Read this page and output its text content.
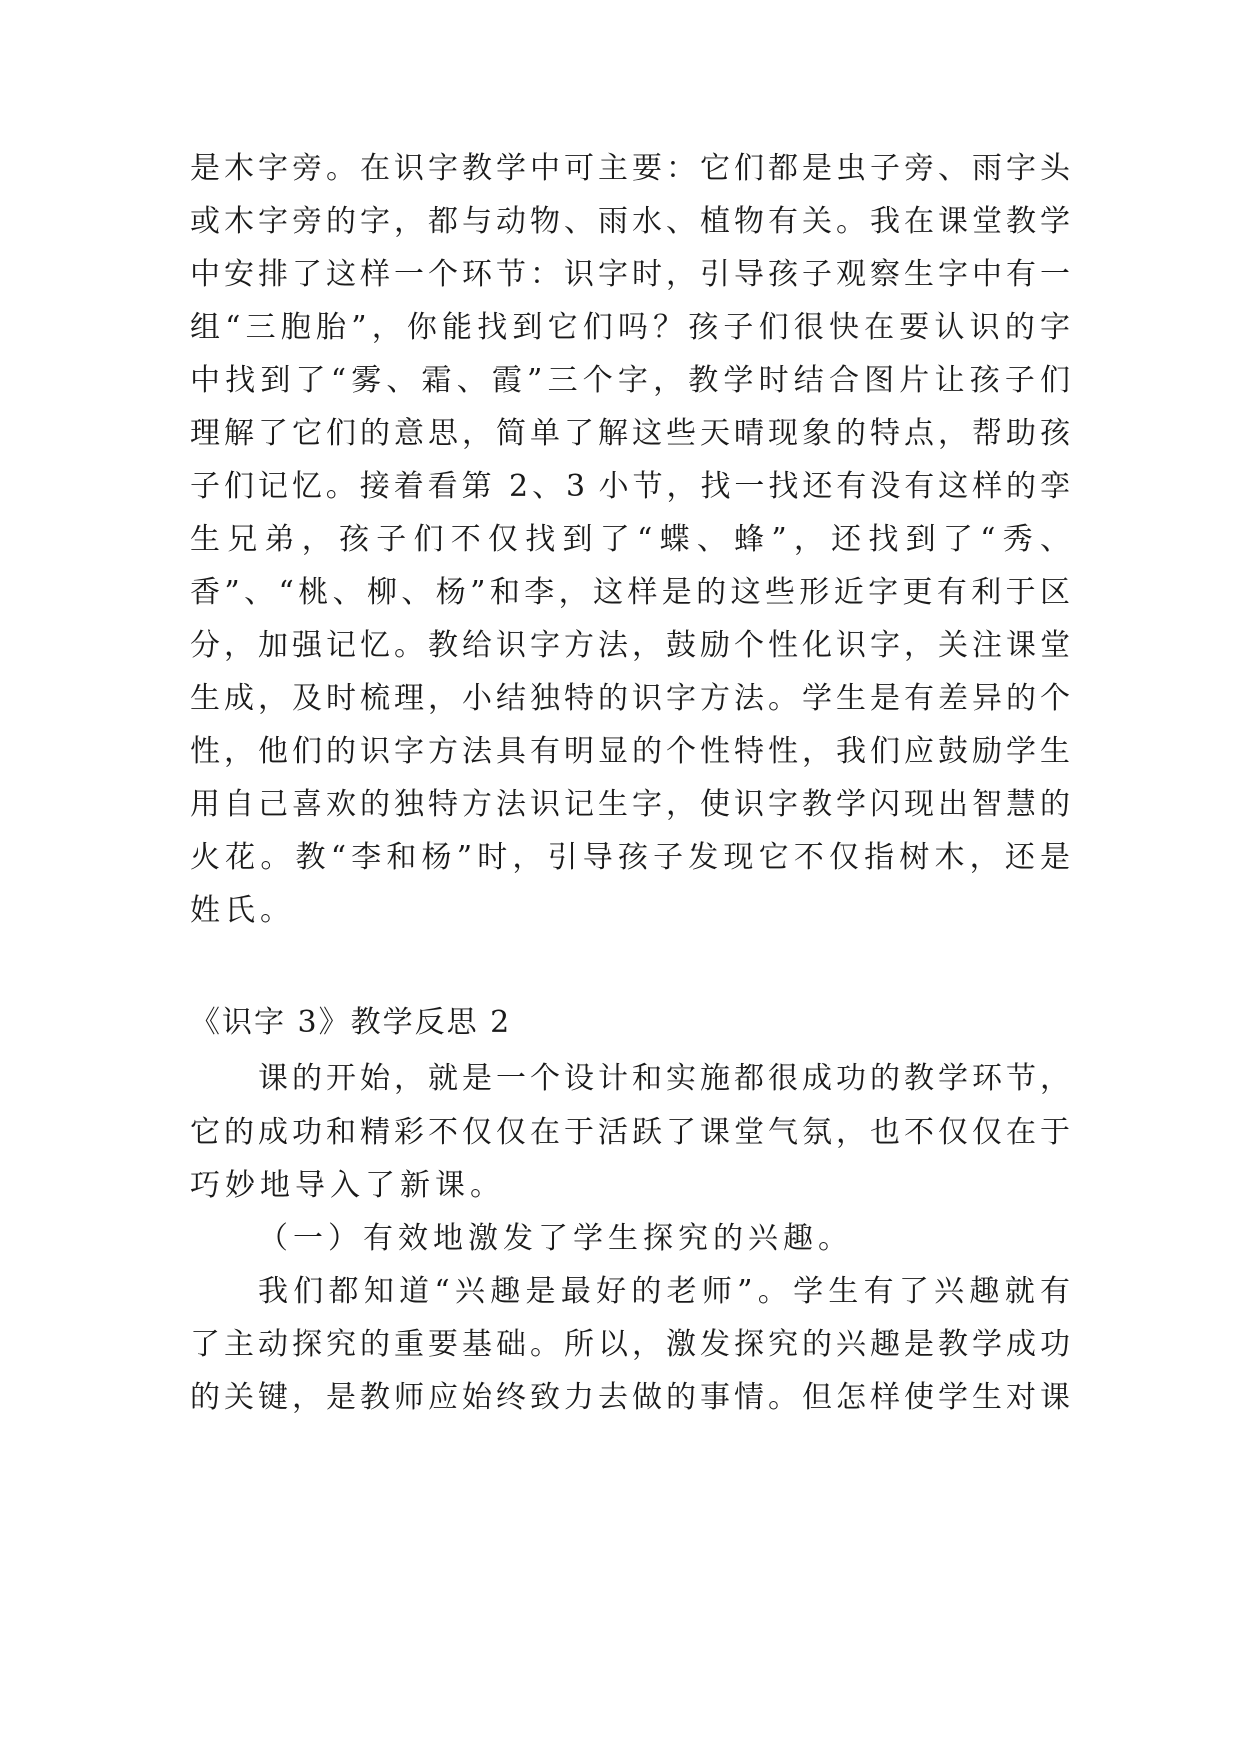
是木字旁。在识字教学中可主要：它们都是虫子旁、雨字头
或木字旁的字，都与动物、雨水、植物有关。我在课堂教学
中安排了这样一个环节：识字时，引导孩子观察生字中有一
组“三胞胎”，你能找到它们吗？孩子们很快在要认识的字
中找到了“雾、霜、霞”三个字，教学时结合图片让孩子们
理解了它们的意思，简单了解这些天晴现象的特点，帮助孩
子们记忆。接着看第 2、3 小节，找一找还有没有这样的孪
生兄弟，孩子们不仅找到了“蝶、蜂”，还找到了“秀、
香”、“桃、柳、杨”和李，这样是的这些形近字更有利于区
分，加强记忆。教给识字方法，鼓励个性化识字，关注课堂
生成，及时梳理，小结独特的识字方法。学生是有差异的个
性，他们的识字方法具有明显的个性特性，我们应鼓励学生
用自己喜欢的独特方法识记生字，使识字教学闪现出智慧的
火花。教“李和杨”时，引导孩子发现它不仅指树木，还是
姓氏。
《识字 3》教学反思 2
课的开始，就是一个设计和实施都很成功的教学环节，
它的成功和精彩不仅仅在于活跃了课堂气氛，也不仅仅在于
巧妙地导入了新课。
（一）有效地激发了学生探究的兴趣。
我们都知道“兴趣是最好的老师”。学生有了兴趣就有
了主动探究的重要基础。所以，激发探究的兴趣是教学成功
的关键，是教师应始终致力去做的事情。但怎样使学生对课
